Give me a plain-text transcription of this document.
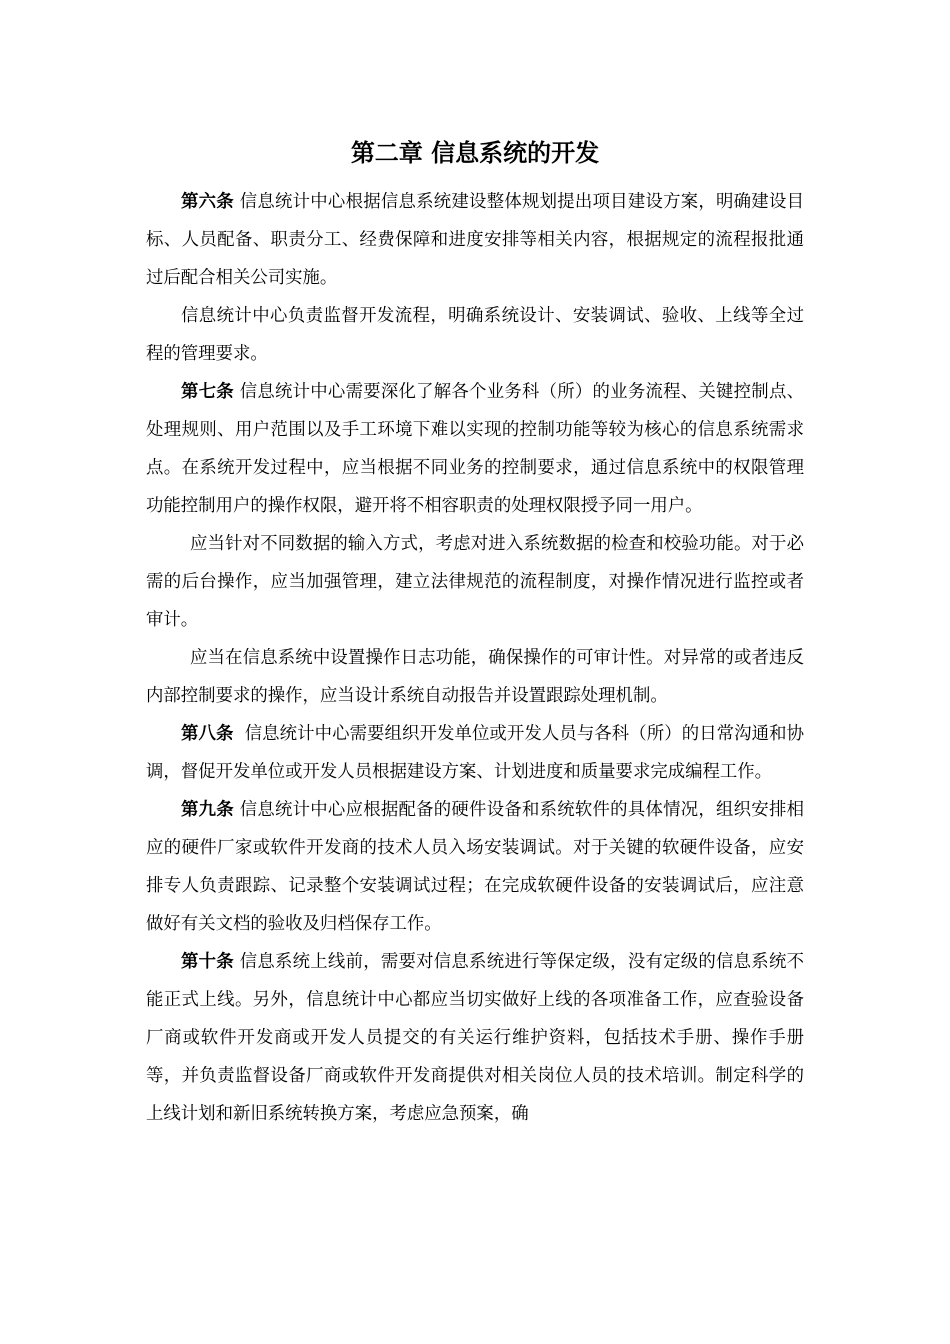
第二章 信息系统的开发

第六条 信息统计中心根据信息系统建设整体规划提出项目建设方案，明确建设目标、人员配备、职责分工、经费保障和进度安排等相关内容，根据规定的流程报批通过后配合相关公司实施。

信息统计中心负责监督开发流程，明确系统设计、安装调试、验收、上线等全过程的管理要求。

第七条 信息统计中心需要深化了解各个业务科（所）的业务流程、关键控制点、处理规则、用户范围以及手工环境下难以实现的控制功能等较为核心的信息系统需求点。在系统开发过程中，应当根据不同业务的控制要求，通过信息系统中的权限管理功能控制用户的操作权限，避开将不相容职责的处理权限授予同一用户。

应当针对不同数据的输入方式，考虑对进入系统数据的检查和校验功能。对于必需的后台操作，应当加强管理，建立法律规范的流程制度，对操作情况进行监控或者审计。

应当在信息系统中设置操作日志功能，确保操作的可审计性。对异常的或者违反内部控制要求的操作，应当设计系统自动报告并设置跟踪处理机制。

第八条  信息统计中心需要组织开发单位或开发人员与各科（所）的日常沟通和协调，督促开发单位或开发人员根据建设方案、计划进度和质量要求完成编程工作。

第九条 信息统计中心应根据配备的硬件设备和系统软件的具体情况，组织安排相应的硬件厂家或软件开发商的技术人员入场安装调试。对于关键的软硬件设备，应安排专人负责跟踪、记录整个安装调试过程；在完成软硬件设备的安装调试后，应注意做好有关文档的验收及归档保存工作。

第十条 信息系统上线前，需要对信息系统进行等保定级，没有定级的信息系统不能正式上线。另外，信息统计中心都应当切实做好上线的各项准备工作，应查验设备厂商或软件开发商或开发人员提交的有关运行维护资料，包括技术手册、操作手册等，并负责监督设备厂商或软件开发商提供对相关岗位人员的技术培训。制定科学的上线计划和新旧系统转换方案，考虑应急预案，确
